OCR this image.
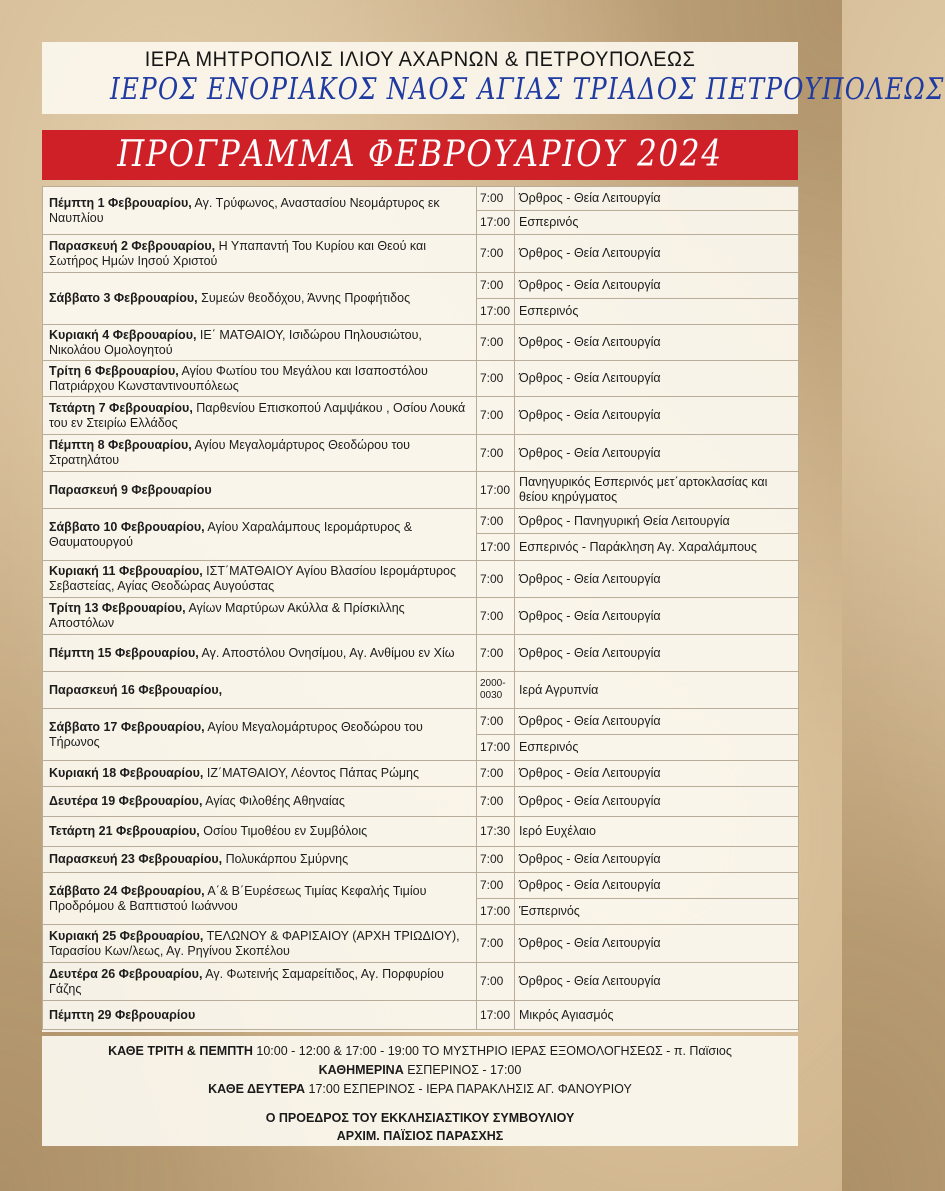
ΙΕΡΑ ΜΗΤΡΟΠΟΛΙΣ ΙΛΙΟΥ ΑΧΑΡΝΩΝ & ΠΕΤΡΟΥΠΟΛΕΩΣ
ΙΕΡΟΣ ΕΝΟΡΙΑΚΟΣ ΝΑΟΣ ΑΓΙΑΣ ΤΡΙΑΔΟΣ ΠΕΤΡΟΥΠΟΛΕΩΣ
ΠΡΟΓΡΑΜΜΑ ΦΕΒΡΟΥΑΡΙΟΥ 2024
Πέμπτη 1 Φεβρουαρίου, Αγ. Τρύφωνος, Αναστασίου Νεομάρτυρος εκ Ναυπλίου	7:00	Όρθρος - Θεία Λειτουργία
	17:00	Εσπερινός
Παρασκευή 2 Φεβρουαρίου, Η Υπαπαντή Του Κυρίου και Θεού και Σωτήρος Ημών Ιησού Χριστού	7:00	Όρθρος - Θεία Λειτουργία
Σάββατο 3 Φεβρουαρίου, Συμεών θεοδόχου, Άννης Προφήτιδος	7:00	Όρθρος - Θεία Λειτουργία
	17:00	Εσπερινός
Κυριακή 4 Φεβρουαρίου, ΙΕ΄ ΜΑΤΘΑΙΟΥ, Ισιδώρου Πηλουσιώτου, Νικολάου Ομολογητού	7:00	Όρθρος - Θεία Λειτουργία
Τρίτη 6 Φεβρουαρίου, Αγίου Φωτίου του Μεγάλου και Ισαποστόλου Πατριάρχου Κωνσταντινουπόλεως	7:00	Όρθρος - Θεία Λειτουργία
Τετάρτη 7 Φεβρουαρίου, Παρθενίου Επισκοπού Λαμψάκου , Οσίου Λουκά του εν Στειρίω Ελλάδος	7:00	Όρθρος - Θεία Λειτουργία
Πέμπτη 8 Φεβρουαρίου, Αγίου Μεγαλομάρτυρος Θεοδώρου του Στρατηλάτου	7:00	Όρθρος - Θεία Λειτουργία
Παρασκευή 9 Φεβρουαρίου	17:00	Πανηγυρικός Εσπερινός μετ΄αρτοκλασίας και θείου κηρύγματος
Σάββατο 10 Φεβρουαρίου, Αγίου Χαραλάμπους Ιερομάρτυρος & Θαυματουργού	7:00	Όρθρος - Πανηγυρική Θεία Λειτουργία
	17:00	Εσπερινός - Παράκληση Αγ. Χαραλάμπους
Κυριακή 11 Φεβρουαρίου, ΙΣΤ΄ΜΑΤΘΑΙΟΥ Αγίου Βλασίου Ιερομάρτυρος Σεβαστείας, Αγίας Θεοδώρας Αυγούστας	7:00	Όρθρος - Θεία Λειτουργία
Τρίτη 13 Φεβρουαρίου, Αγίων Μαρτύρων Ακύλλα & Πρίσκιλλης Αποστόλων	7:00	Όρθρος - Θεία Λειτουργία
Πέμπτη 15 Φεβρουαρίου, Αγ. Αποστόλου Ονησίμου, Αγ. Ανθίμου εν Χίω	7:00	Όρθρος - Θεία Λειτουργία
Παρασκευή 16 Φεβρουαρίου,	2000-0030	Ιερά Αγρυπνία
Σάββατο 17 Φεβρουαρίου, Αγίου Μεγαλομάρτυρος Θεοδώρου του Τήρωνος	7:00	Όρθρος - Θεία Λειτουργία
	17:00	Εσπερινός
Κυριακή 18 Φεβρουαρίου, ΙΖ΄ΜΑΤΘΑΙΟΥ, Λέοντος Πάπας Ρώμης	7:00	Όρθρος - Θεία Λειτουργία
Δευτέρα 19 Φεβρουαρίου, Αγίας Φιλοθέης Αθηναίας	7:00	Όρθρος - Θεία Λειτουργία
Τετάρτη 21 Φεβρουαρίου, Οσίου Τιμοθέου εν Συμβόλοις	17:30	Ιερό Ευχέλαιο
Παρασκευή 23 Φεβρουαρίου, Πολυκάρπου Σμύρνης	7:00	Όρθρος - Θεία Λειτουργία
Σάββατο 24 Φεβρουαρίου, Α΄& Β΄Ευρέσεως Τιμίας Κεφαλής Τιμίου Προδρόμου & Βαπτιστού Ιωάννου	7:00	Όρθρος - Θεία Λειτουργία
	17:00	Έσπερινός
Κυριακή 25 Φεβρουαρίου, ΤΕΛΩΝΟΥ & ΦΑΡΙΣΑΙΟΥ (ΑΡΧΗ ΤΡΙΩΔΙΟΥ), Ταρασίου Κων/λεως, Αγ. Ρηγίνου Σκοπέλου	7:00	Όρθρος - Θεία Λειτουργία
Δευτέρα 26 Φεβρουαρίου, Αγ. Φωτεινής Σαμαρείτιδος, Αγ. Πορφυρίου Γάζης	7:00	Όρθρος - Θεία Λειτουργία
Πέμπτη 29 Φεβρουαρίου	17:00	Μικρός Αγιασμός
ΚΑΘΕ ΤΡΙΤΗ & ΠΕΜΠΤΗ 10:00 - 12:00 & 17:00 - 19:00 ΤΟ ΜΥΣΤΗΡΙΟ ΙΕΡΑΣ ΕΞΟΜΟΛΟΓΗΣΕΩΣ - π. Παϊσιος
ΚΑΘΗΜΕΡΙΝΑ ΕΣΠΕΡΙΝΟΣ - 17:00
ΚΑΘΕ ΔΕΥΤΕΡΑ 17:00 ΕΣΠΕΡΙΝΟΣ - ΙΕΡΑ ΠΑΡΑΚΛΗΣΙΣ ΑΓ. ΦΑΝΟΥΡΙΟΥ
Ο ΠΡΟΕΔΡΟΣ ΤΟΥ ΕΚΚΛΗΣΙΑΣΤΙΚΟΥ ΣΥΜΒΟΥΛΙΟΥ
ΑΡΧΙΜ. ΠΑΪΣΙΟΣ ΠΑΡΑΣΧΗΣ
